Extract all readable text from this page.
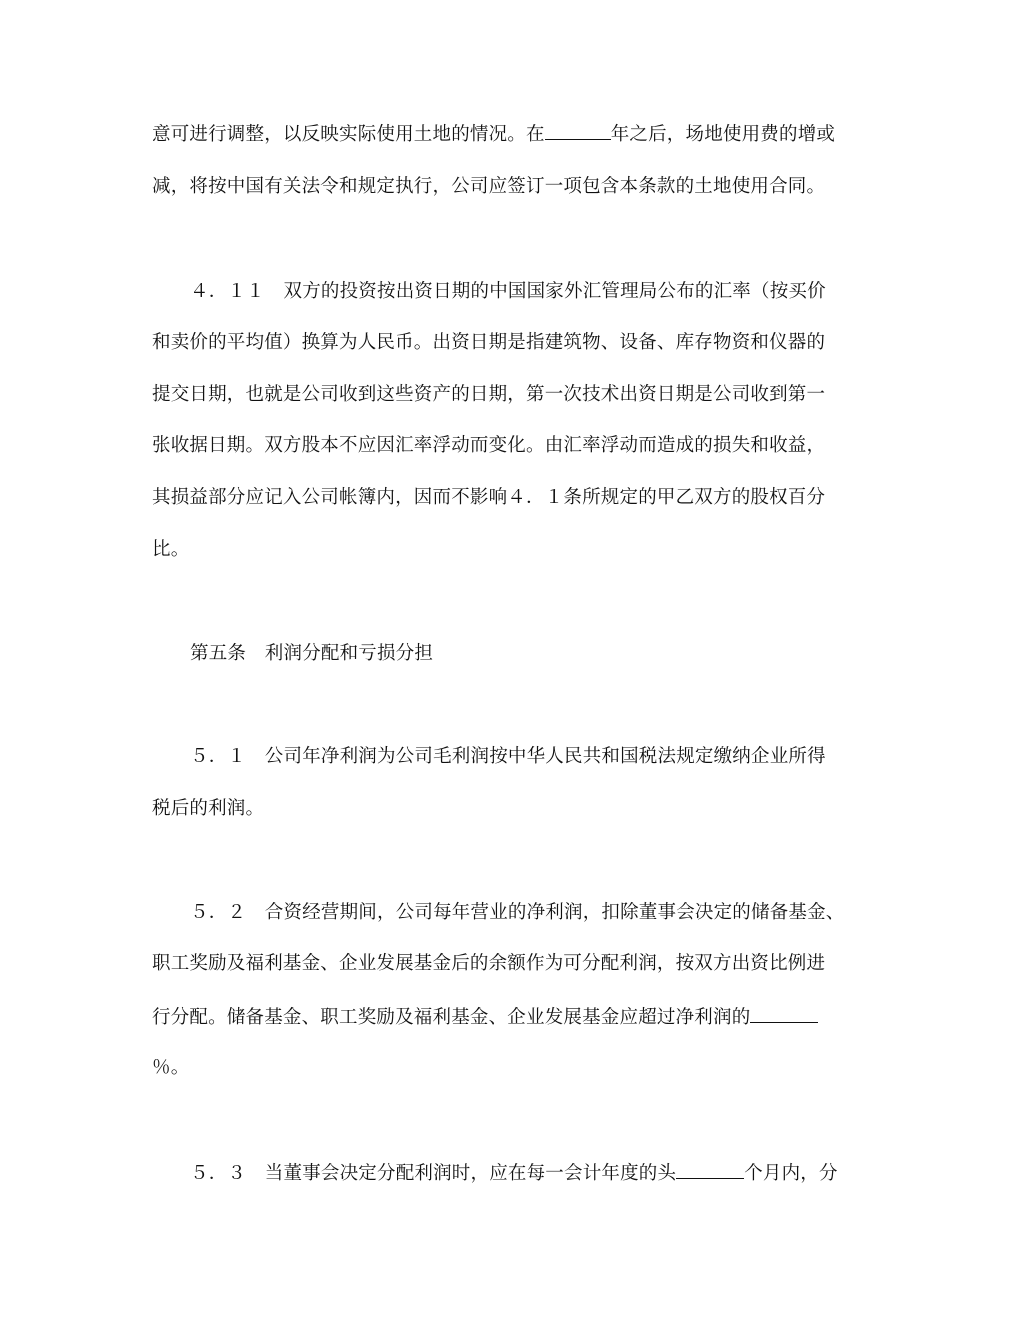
意可进行调整，以反映实际使用土地的情况。在	年之后，场地使用费的增或
减，将按中国有关法令和规定执行，公司应签订一项包含本条款的土地使用合同。
４．１１　双方的投资按出资日期的中国国家外汇管理局公布的汇率（按买价
和卖价的平均值）换算为人民币。出资日期是指建筑物、设备、库存物资和仪器的
提交日期，也就是公司收到这些资产的日期，第一次技术出资日期是公司收到第一
张收据日期。双方股本不应因汇率浮动而变化。由汇率浮动而造成的损失和收益，
其损益部分应记入公司帐簿内，因而不影响４．１条所规定的甲乙双方的股权百分
比。
第五条　利润分配和亏损分担
５．１　公司年净利润为公司毛利润按中华人民共和国税法规定缴纳企业所得
税后的利润。
５．２　合资经营期间，公司每年营业的净利润，扣除董事会决定的储备基金、
职工奖励及福利基金、企业发展基金后的余额作为可分配利润，按双方出资比例进
行分配。储备基金、职工奖励及福利基金、企业发展基金应超过净利润的
％。
５．３　当董事会决定分配利润时，应在每一会计年度的头	个月内，分
